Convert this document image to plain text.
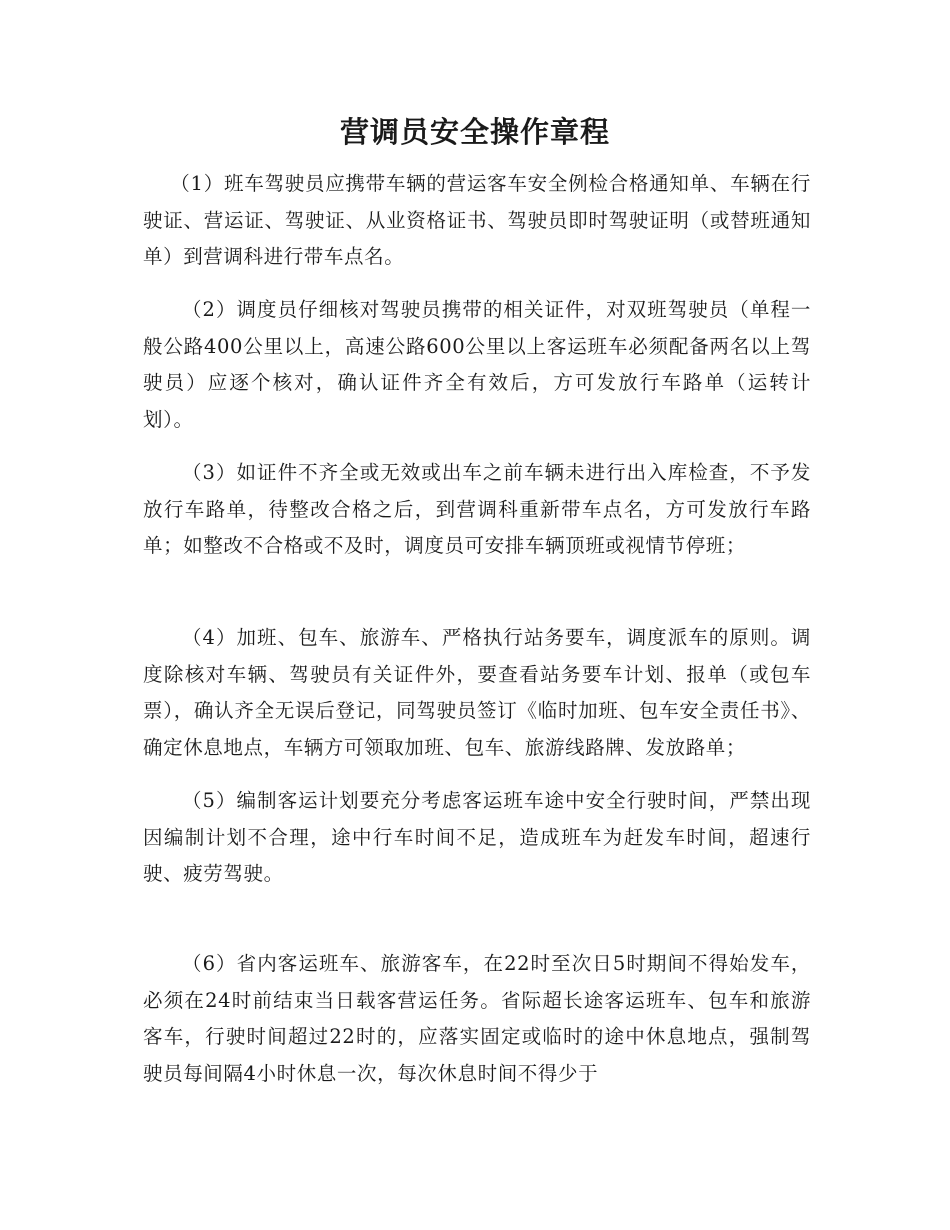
营调员安全操作章程

（1）班车驾驶员应携带车辆的营运客车安全例检合格通知单、车辆在行驶证、营运证、驾驶证、从业资格证书、驾驶员即时驾驶证明（或替班通知单）到营调科进行带车点名。

（2）调度员仔细核对驾驶员携带的相关证件，对双班驾驶员（单程一般公路400公里以上，高速公路600公里以上客运班车必须配备两名以上驾驶员）应逐个核对，确认证件齐全有效后，方可发放行车路单（运转计划）。

（3）如证件不齐全或无效或出车之前车辆未进行出入库检查，不予发放行车路单，待整改合格之后，到营调科重新带车点名，方可发放行车路单；如整改不合格或不及时，调度员可安排车辆顶班或视情节停班；

（4）加班、包车、旅游车、严格执行站务要车，调度派车的原则。调度除核对车辆、驾驶员有关证件外，要查看站务要车计划、报单（或包车票），确认齐全无误后登记，同驾驶员签订《临时加班、包车安全责任书》、确定休息地点，车辆方可领取加班、包车、旅游线路牌、发放路单；

（5）编制客运计划要充分考虑客运班车途中安全行驶时间，严禁出现因编制计划不合理，途中行车时间不足，造成班车为赶发车时间，超速行驶、疲劳驾驶。

（6）省内客运班车、旅游客车，在22时至次日5时期间不得始发车，必须在24时前结束当日载客营运任务。省际超长途客运班车、包车和旅游客车，行驶时间超过22时的，应落实固定或临时的途中休息地点，强制驾驶员每间隔4小时休息一次，每次休息时间不得少于
